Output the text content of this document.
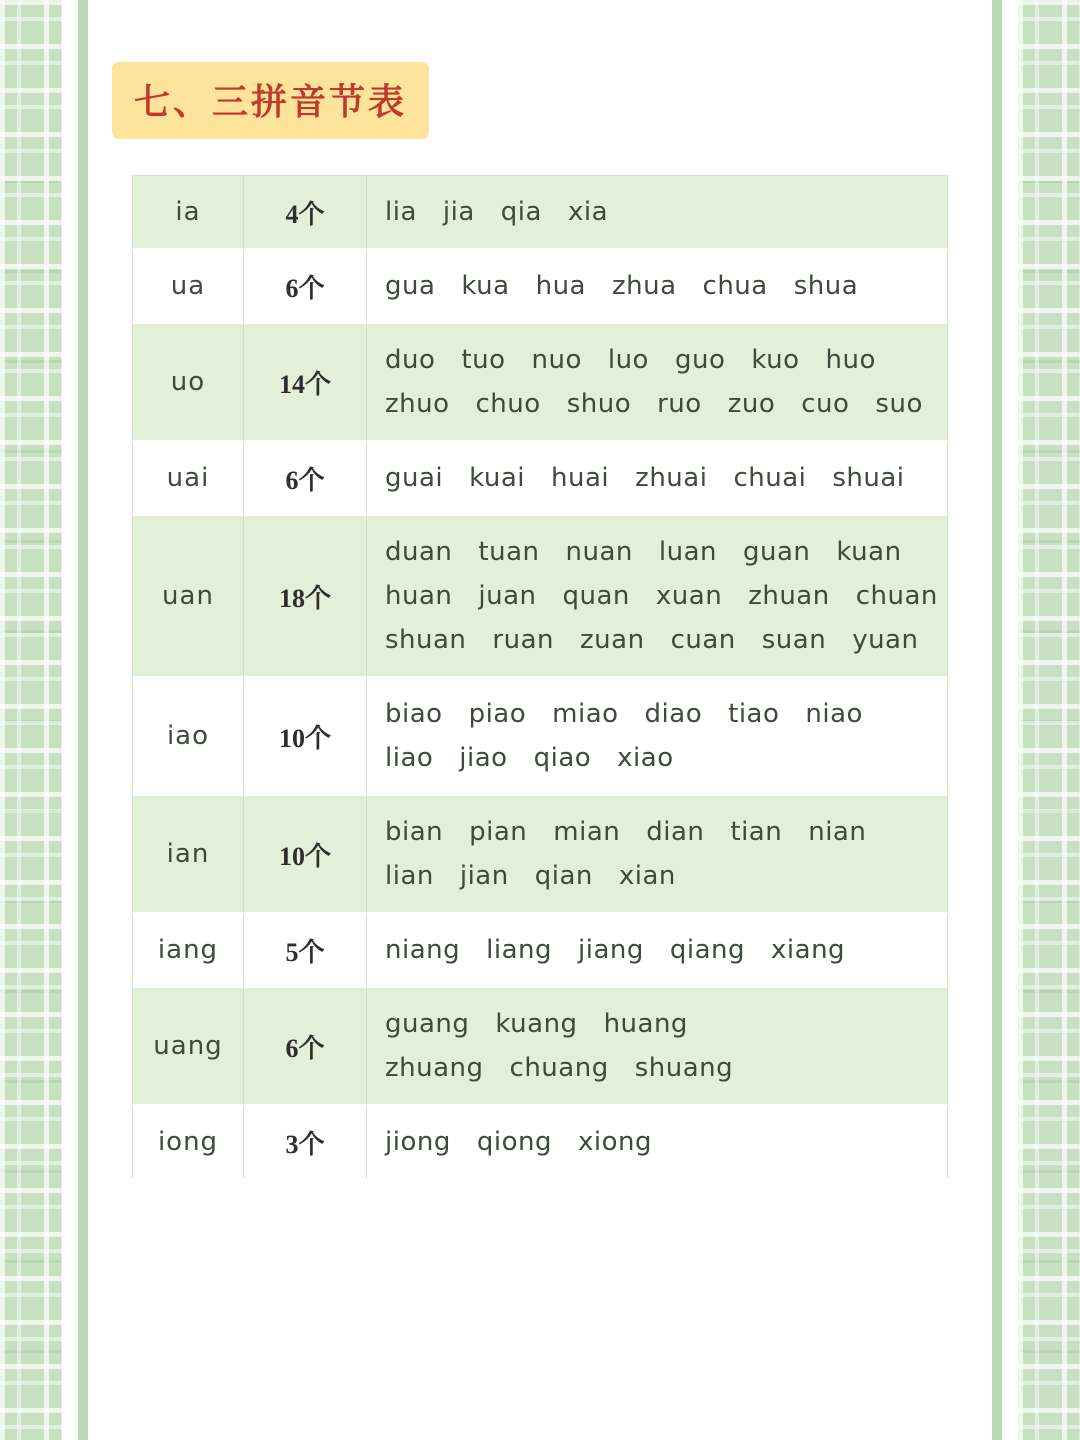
七、三拼音节表
ia	4个	lia jia qia xia

ua	6个	gua kua hua zhua chua shua

uo	14个	duo tuo nuo luo guo kuo huo
zhuo chuo shuo ruo zuo cuo suo

uai	6个	guai kuai huai zhuai chuai shuai

uan	18个	duan tuan nuan luan guan kuan
huan juan quan xuan zhuan chuan
shuan ruan zuan cuan suan yuan

iao	10个	biao piao miao diao tiao niao
liao jiao qiao xiao

ian	10个	bian pian mian dian tian nian
lian jian qian xian

iang	5个	niang liang jiang qiang xiang

uang	6个	guang kuang huang
zhuang chuang shuang

iong	3个	jiong qiong xiong
